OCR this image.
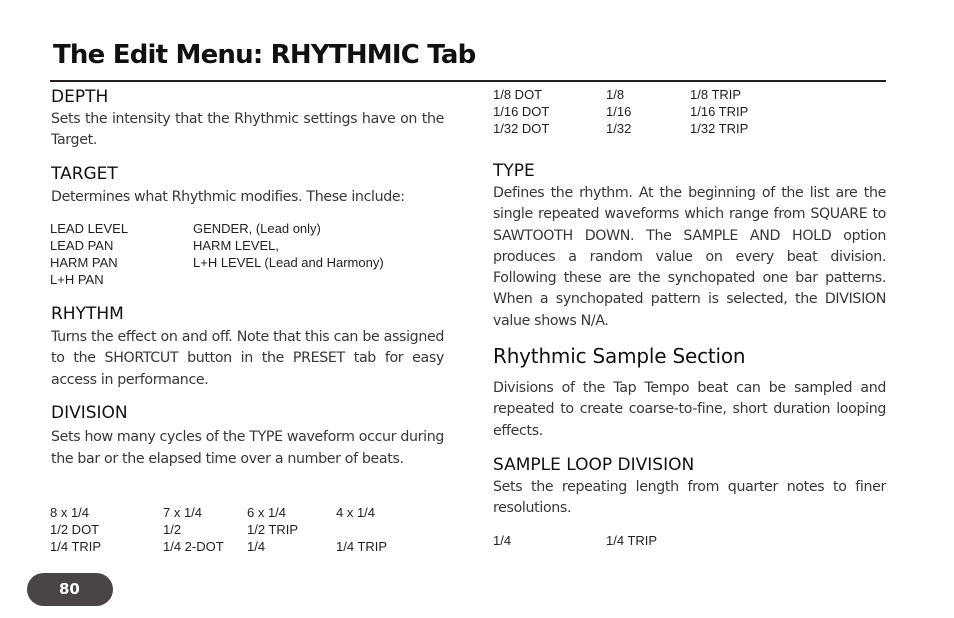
The Edit Menu: RHYTHMIC Tab
DEPTH
Sets the intensity that the Rhythmic settings have on the Target.
TARGET
Determines what Rhythmic modifies. These include:
LEAD LEVEL	GENDER, (Lead only)
LEAD PAN	HARM LEVEL,
HARM PAN	L+H LEVEL (Lead and Harmony)
L+H PAN
RHYTHM
Turns the effect on and off. Note that this can be assigned to the SHORTCUT button in the PRESET tab for easy access in performance.
DIVISION
Sets how many cycles of the TYPE waveform occur during the bar or the elapsed time over a number of beats.
8 x 1/4	7 x 1/4	6 x 1/4	4 x 1/4
1/2 DOT	1/2	1/2 TRIP
1/4 TRIP	1/4 2-DOT	1/4	1/4 TRIP
1/8 DOT	1/8	1/8 TRIP
1/16 DOT	1/16	1/16 TRIP
1/32 DOT	1/32	1/32 TRIP
TYPE
Defines the rhythm. At the beginning of the list are the single repeated waveforms which range from SQUARE to SAWTOOTH DOWN. The SAMPLE AND HOLD option produces a random value on every beat division. Following these are the synchopated one bar patterns. When a synchopated pattern is selected, the DIVISION value shows N/A.
Rhythmic Sample Section
Divisions of the Tap Tempo beat can be sampled and repeated to create coarse-to-fine, short duration looping effects.
SAMPLE LOOP DIVISION
Sets the repeating length from quarter notes to finer resolutions.
1/4	1/4 TRIP
80
